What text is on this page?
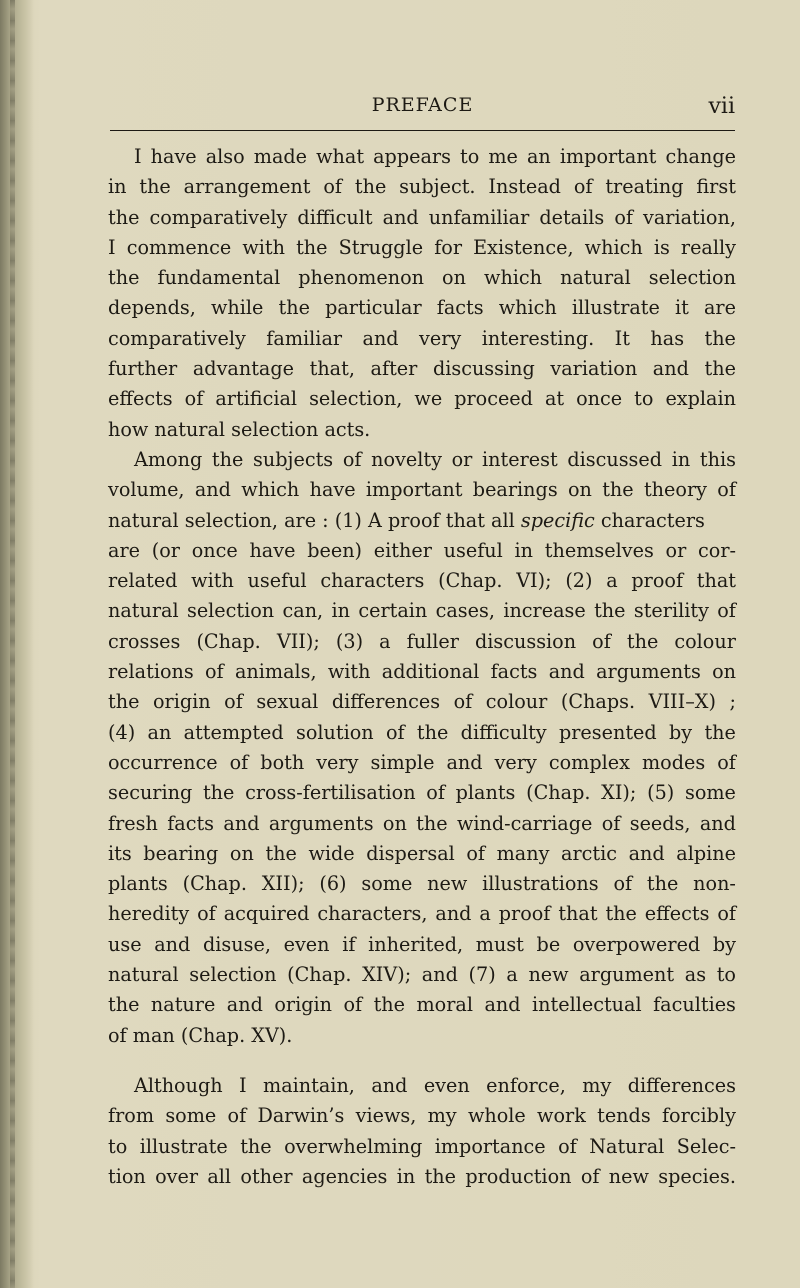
PREFACE	vii
I have also made what appears to me an important change
in the arrangement of the subject. Instead of treating first
the comparatively difficult and unfamiliar details of variation,
I commence with the Struggle for Existence, which is really
the fundamental phenomenon on which natural selection
depends, while the particular facts which illustrate it are
comparatively familiar and very interesting. It has the
further advantage that, after discussing variation and the
effects of artificial selection, we proceed at once to explain
how natural selection acts.
Among the subjects of novelty or interest discussed in this
volume, and which have important bearings on the theory of
natural selection, are : (1) A proof that all specific characters
are (or once have been) either useful in themselves or cor-
related with useful characters (Chap. VI); (2) a proof that
natural selection can, in certain cases, increase the sterility of
crosses (Chap. VII); (3) a fuller discussion of the colour
relations of animals, with additional facts and arguments on
the origin of sexual differences of colour (Chaps. VIII–X) ;
(4) an attempted solution of the difficulty presented by the
occurrence of both very simple and very complex modes of
securing the cross-fertilisation of plants (Chap. XI); (5) some
fresh facts and arguments on the wind-carriage of seeds, and
its bearing on the wide dispersal of many arctic and alpine
plants (Chap. XII); (6) some new illustrations of the non-
heredity of acquired characters, and a proof that the effects of
use and disuse, even if inherited, must be overpowered by
natural selection (Chap. XIV); and (7) a new argument as to
the nature and origin of the moral and intellectual faculties
of man (Chap. XV).
Although I maintain, and even enforce, my differences
from some of Darwin’s views, my whole work tends forcibly
to illustrate the overwhelming importance of Natural Selec-
tion over all other agencies in the production of new species.
